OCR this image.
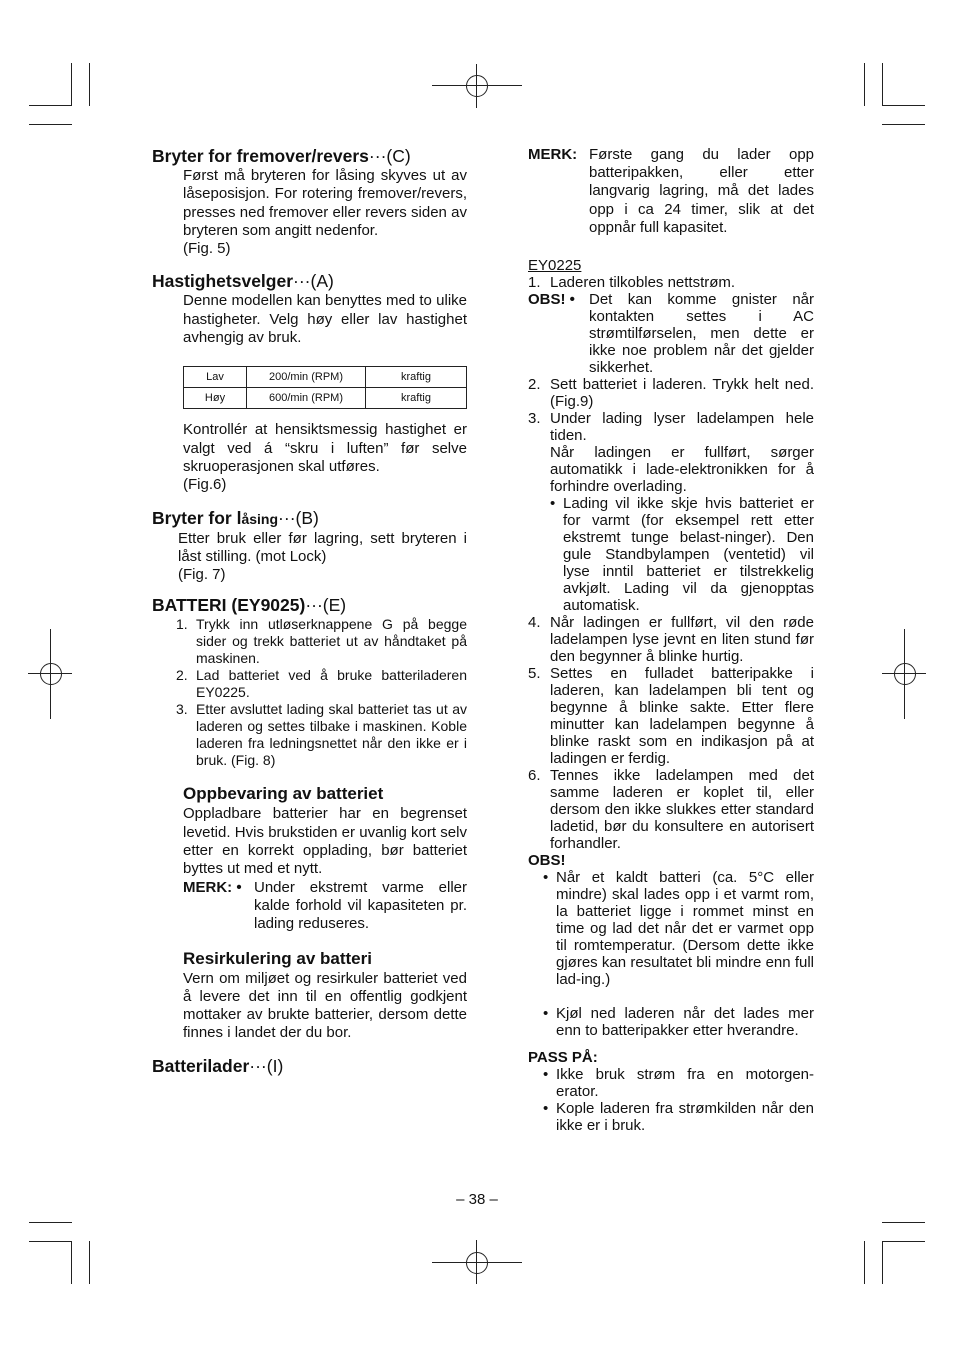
Bryter for fremover/revers···(C)

Først må bryteren for låsing skyves ut av låseposisjon. For rotering fremover/revers, presses ned fremover eller revers siden av bryteren som angitt nedenfor.

(Fig. 5)

Hastighetsvelger···(A)

Denne modellen kan benyttes med to ulike hastigheter. Velg høy eller lav hastighet avhengig av bruk.

Lav	200/min (RPM)	kraftig
Høy	600/min (RPM)	kraftig

Kontrollér at hensiktsmessig hastighet er valgt ved á “skru i luften” før selve skruoperasjonen skal utføres.

(Fig.6)

Bryter for låsing···(B)

Etter bruk eller før lagring, sett bryteren i låst stilling. (mot Lock)

(Fig. 7)

BATTERI (EY9025)···(E)
1. Trykk inn utløserknappene G på begge sider og trekk batteriet ut av håndtaket på maskinen.
2. Lad batteriet ved å bruke batteriladeren EY0225.
3. Etter avsluttet lading skal batteriet tas ut av laderen og settes tilbake i maskinen. Koble laderen fra ledningsnettet når den ikke er i bruk. (Fig. 8)
Oppbevaring av batteriet

Oppladbare batterier har en begrenset levetid. Hvis brukstiden er uvanlig kort selv etter en korrekt opplading, bør batteriet byttes ut med et nytt.

MERK: • Under ekstremt varme eller kalde forhold vil kapasiteten pr. lading reduseres.
Resirkulering av batteri

Vern om miljøet og resirkuler batteriet ved å levere det inn til en offentlig godkjent mottaker av brukte batterier, dersom dette finnes i landet der du bor.

Batterilader···(I)
MERK: Første gang du lader opp batteripakken, eller etter langvarig lagring, må det lades opp i ca 24 timer, slik at det oppnår full kapasitet.
EY0225
1. Laderen tilkobles nettstrøm.
OBS! • Det kan komme gnister når kontakten settes i AC strømtilførselen, men dette er ikke noe problem når det gjelder sikkerhet.
2. Sett batteriet i laderen. Trykk helt ned. (Fig.9)
3. Under lading lyser ladelampen hele tiden.

Når ladingen er fullført, sørger automatikk i lade-elektronikken for å forhindre overlading.

• Lading vil ikke skje hvis batteriet er for varmt (for eksempel rett etter ekstremt tunge belast-ninger). Den gule Standbylampen (ventetid) vil lyse inntil batteriet er tilstrekkelig avkjølt. Lading vil da gjenopptas automatisk.
4. Når ladingen er fullført, vil den røde ladelampen lyse jevnt en liten stund før den begynner å blinke hurtig.
5. Settes en fulladet batteripakke i laderen, kan ladelampen bli tent og begynne å blinke sakte. Etter flere minutter kan ladelampen begynne å blinke raskt som en indikasjon på at ladingen er ferdig.
6. Tennes ikke ladelampen med det samme laderen er koplet til, eller dersom den ikke slukkes etter standard ladetid, bør du konsultere en autorisert forhandler.
OBS!
• Når et kaldt batteri (ca. 5°C eller mindre) skal lades opp i et varmt rom, la batteriet ligge i rommet minst en time og lad det når det er varmet opp til romtemperatur. (Dersom dette ikke gjøres kan resultatet bli mindre enn full lad-ing.)
• Kjøl ned laderen når det lades mer enn to batteripakker etter hverandre.
PASS PÅ:
• Ikke bruk strøm fra en motorgen-erator.
• Kople laderen fra strømkilden når den ikke er i bruk.
– 38 –
